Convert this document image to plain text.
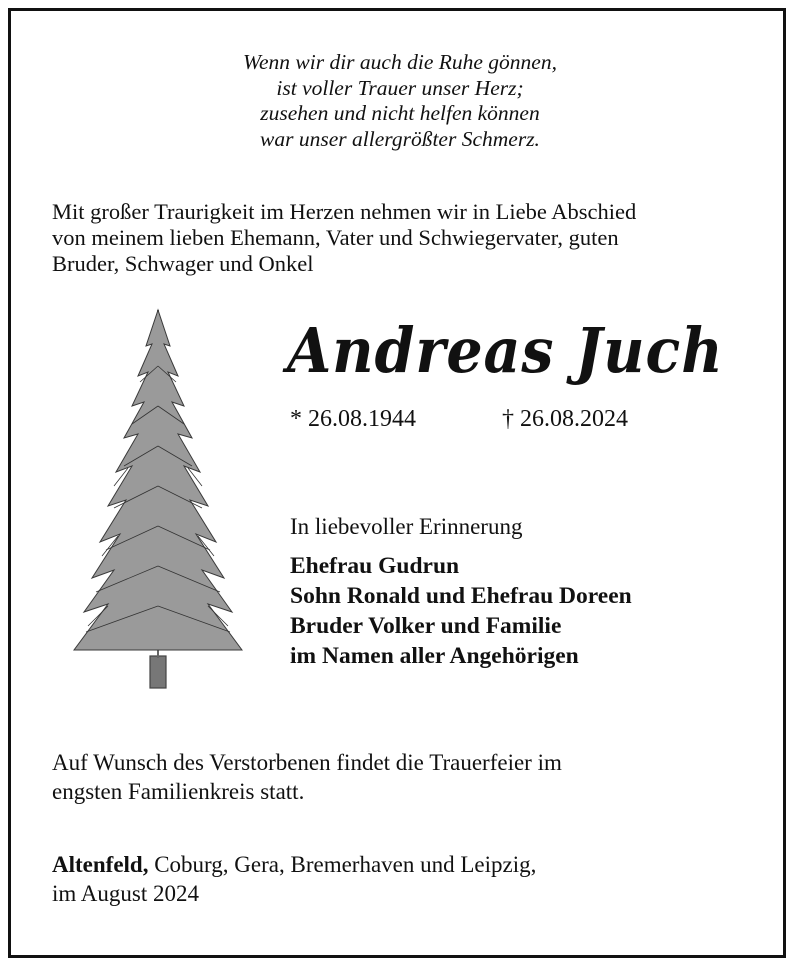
Wenn wir dir auch die Ruhe gönnen,
ist voller Trauer unser Herz;
zusehen und nicht helfen können
war unser allergrößter Schmerz.
Mit großer Traurigkeit im Herzen nehmen wir in Liebe Abschied
von meinem lieben Ehemann, Vater und Schwiegervater, guten
Bruder, Schwager und Onkel
Andreas Juch
* 26.08.1944	† 26.08.2024
In liebevoller Erinnerung
Ehefrau Gudrun
Sohn Ronald und Ehefrau Doreen
Bruder Volker und Familie
im Namen aller Angehörigen
Auf Wunsch des Verstorbenen findet die Trauerfeier im
engsten Familienkreis statt.
Altenfeld, Coburg, Gera, Bremerhaven und Leipzig,
im August 2024
